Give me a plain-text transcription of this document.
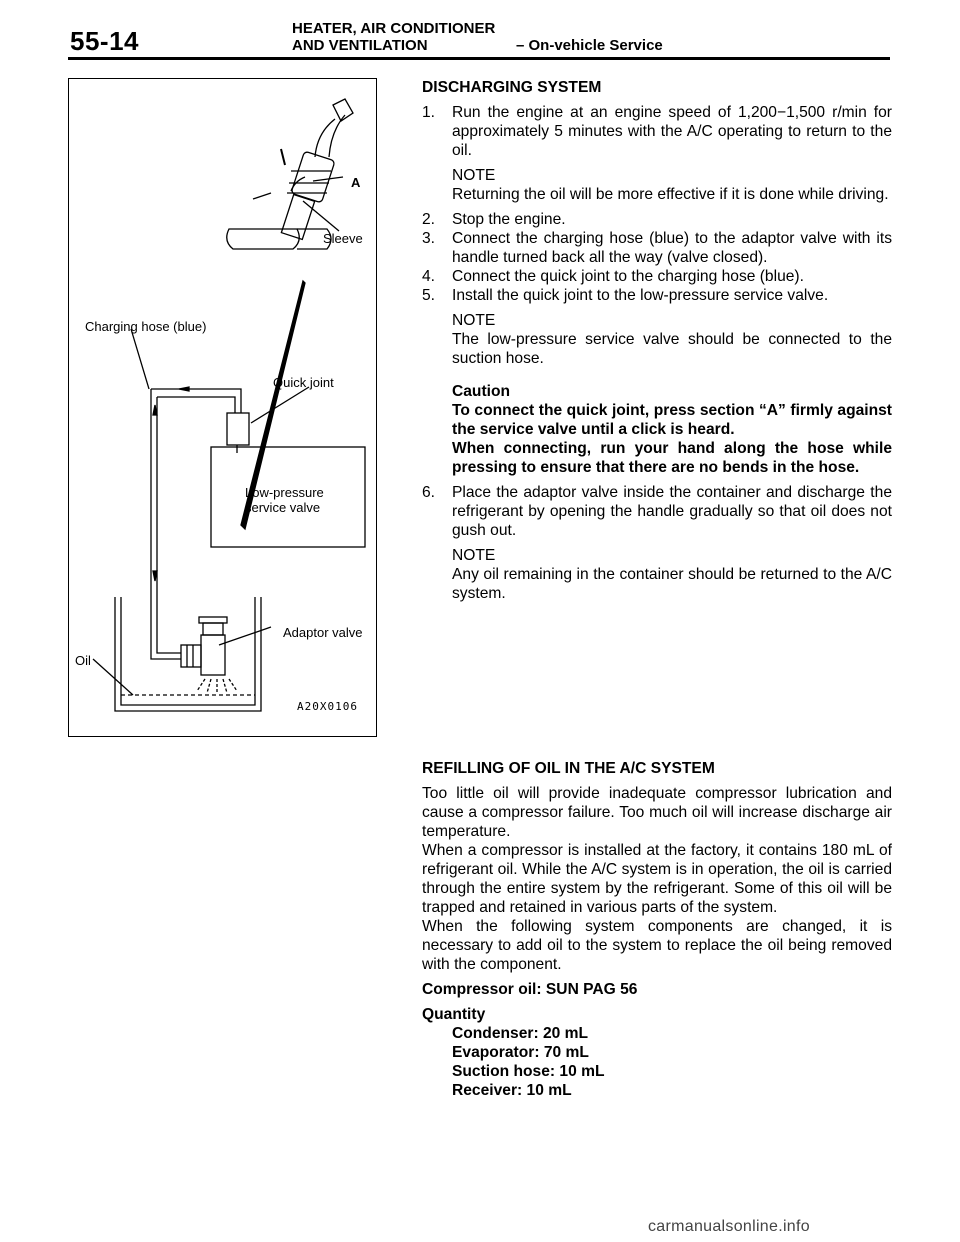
55-14	HEATER, AIR CONDITIONER
AND VENTILATION	– On-vehicle Service
A
Sleeve
Charging hose (blue)
Quick joint
Low-pressure
service valve
Adaptor valve
Oil
A20X0106

DISCHARGING SYSTEM

1. Run the engine at an engine speed of 1,200−1,500 r/min for approximately 5 minutes with the A/C operating to return to the oil.

NOTE

Returning the oil will be more effective if it is done while driving.

2. Stop the engine.

3. Connect the charging hose (blue) to the adaptor valve with its handle turned back all the way (valve closed).

4. Connect the quick joint to the charging hose (blue).

5. Install the quick joint to the low-pressure service valve.

NOTE

The low-pressure service valve should be connected to the suction hose.

Caution

To connect the quick joint, press section “A” firmly against the service valve until a click is heard.

When connecting, run your hand along the hose while pressing to ensure that there are no bends in the hose.

6. Place the adaptor valve inside the container and discharge the refrigerant by opening the handle gradually so that oil does not gush out.

NOTE

Any oil remaining in the container should be returned to the A/C system.

REFILLING OF OIL IN THE A/C SYSTEM

Too little oil will provide inadequate compressor lubrication and cause a compressor failure. Too much oil will increase discharge air temperature.

When a compressor is installed at the factory, it contains 180 mL of refrigerant oil. While the A/C system is in operation, the oil is carried through the entire system by the refrigerant. Some of this oil will be trapped and retained in various parts of the system.

When the following system components are changed, it is necessary to add oil to the system to replace the oil being removed with the component.

Compressor oil: SUN PAG 56

Quantity

Condenser: 20 mL

Evaporator: 70 mL

Suction hose: 10 mL

Receiver: 10 mL

carmanualsonline.info
